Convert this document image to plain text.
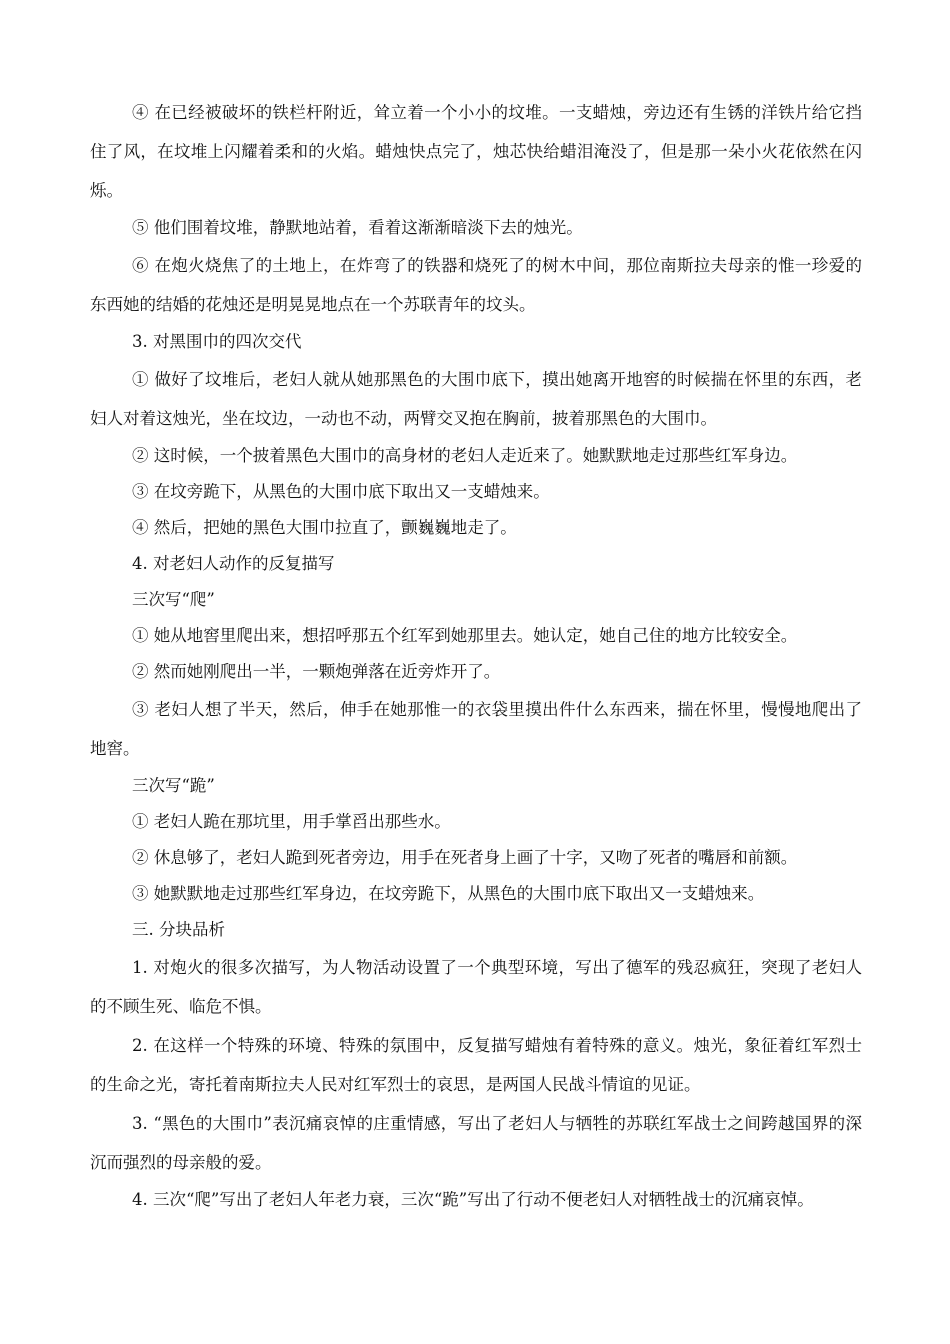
④ 在已经被破坏的铁栏杆附近，耸立着一个小小的坟堆。一支蜡烛，旁边还有生锈的洋铁片给它挡住了风，在坟堆上闪耀着柔和的火焰。蜡烛快点完了，烛芯快给蜡泪淹没了，但是那一朵小火花依然在闪烁。

⑤ 他们围着坟堆，静默地站着，看着这渐渐暗淡下去的烛光。

⑥ 在炮火烧焦了的土地上，在炸弯了的铁器和烧死了的树木中间，那位南斯拉夫母亲的惟一珍爱的东西她的结婚的花烛还是明晃晃地点在一个苏联青年的坟头。

3. 对黑围巾的四次交代

① 做好了坟堆后，老妇人就从她那黑色的大围巾底下，摸出她离开地窖的时候揣在怀里的东西，老妇人对着这烛光，坐在坟边，一动也不动，两臂交叉抱在胸前，披着那黑色的大围巾。

② 这时候，一个披着黑色大围巾的高身材的老妇人走近来了。她默默地走过那些红军身边。

③ 在坟旁跪下，从黑色的大围巾底下取出又一支蜡烛来。

④ 然后，把她的黑色大围巾拉直了，颤巍巍地走了。

4. 对老妇人动作的反复描写

三次写“爬”

① 她从地窖里爬出来，想招呼那五个红军到她那里去。她认定，她自己住的地方比较安全。

② 然而她刚爬出一半，一颗炮弹落在近旁炸开了。

③ 老妇人想了半天，然后，伸手在她那惟一的衣袋里摸出件什么东西来，揣在怀里，慢慢地爬出了地窖。

三次写“跪”

① 老妇人跪在那坑里，用手掌舀出那些水。

② 休息够了，老妇人跪到死者旁边，用手在死者身上画了十字，又吻了死者的嘴唇和前额。

③ 她默默地走过那些红军身边，在坟旁跪下，从黑色的大围巾底下取出又一支蜡烛来。

三. 分块品析

1. 对炮火的很多次描写，为人物活动设置了一个典型环境，写出了德军的残忍疯狂，突现了老妇人的不顾生死、临危不惧。

2. 在这样一个特殊的环境、特殊的氛围中，反复描写蜡烛有着特殊的意义。烛光，象征着红军烈士的生命之光，寄托着南斯拉夫人民对红军烈士的哀思，是两国人民战斗情谊的见证。

3. “黑色的大围巾”表沉痛哀悼的庄重情感，写出了老妇人与牺牲的苏联红军战士之间跨越国界的深沉而强烈的母亲般的爱。

4. 三次“爬”写出了老妇人年老力衰，三次“跪”写出了行动不便老妇人对牺牲战士的沉痛哀悼。
